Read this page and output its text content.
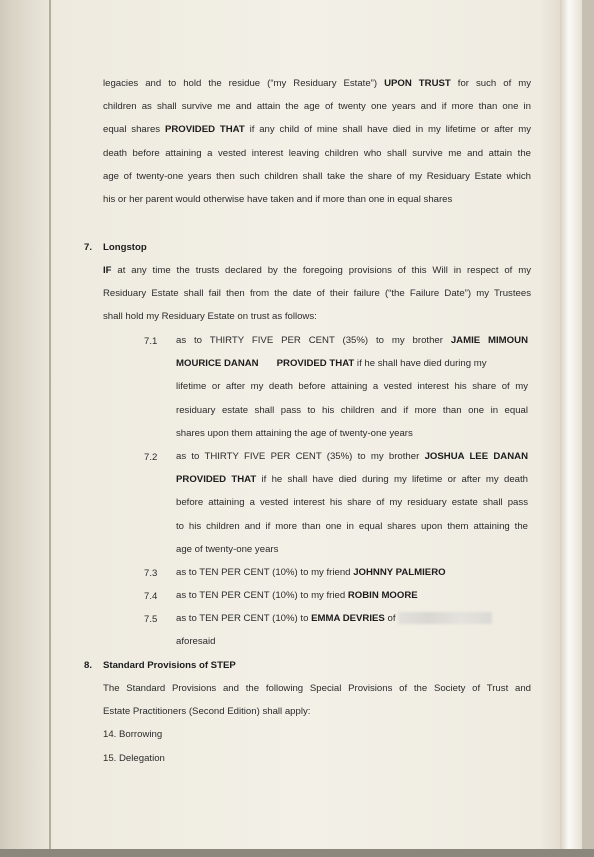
legacies and to hold the residue (“my Residuary Estate”) UPON TRUST for such of my
children as shall survive me and attain the age of twenty one years and if more than one in
equal shares PROVIDED THAT if any child of mine shall have died in my lifetime or after my
death before attaining a vested interest leaving children who shall survive me and attain the
age of twenty-one years then such children shall take the share of my Residuary Estate which
his or her parent would otherwise have taken and if more than one in equal shares
7. Longstop
IF at any time the trusts declared by the foregoing provisions of this Will in respect of my
Residuary Estate shall fail then from the date of their failure (“the Failure Date”) my Trustees
shall hold my Residuary Estate on trust as follows:
7.1 as to THIRTY FIVE PER CENT (35%) to my brother JAMIE MIMOUN
MOURICE DANAN PROVIDED THAT if he shall have died during my
lifetime or after my death before attaining a vested interest his share of my
residuary estate shall pass to his children and if more than one in equal
shares upon them attaining the age of twenty-one years
7.2 as to THIRTY FIVE PER CENT (35%) to my brother JOSHUA LEE DANAN
PROVIDED THAT if he shall have died during my lifetime or after my death
before attaining a vested interest his share of my residuary estate shall pass
to his children and if more than one in equal shares upon them attaining the
age of twenty-one years
7.3 as to TEN PER CENT (10%) to my friend JOHNNY PALMIERO
7.4 as to TEN PER CENT (10%) to my fried ROBIN MOORE
7.5 as to TEN PER CENT (10%) to EMMA DEVRIES of
aforesaid
8. Standard Provisions of STEP
The Standard Provisions and the following Special Provisions of the Society of Trust and
Estate Practitioners (Second Edition) shall apply:
14. Borrowing
15. Delegation
